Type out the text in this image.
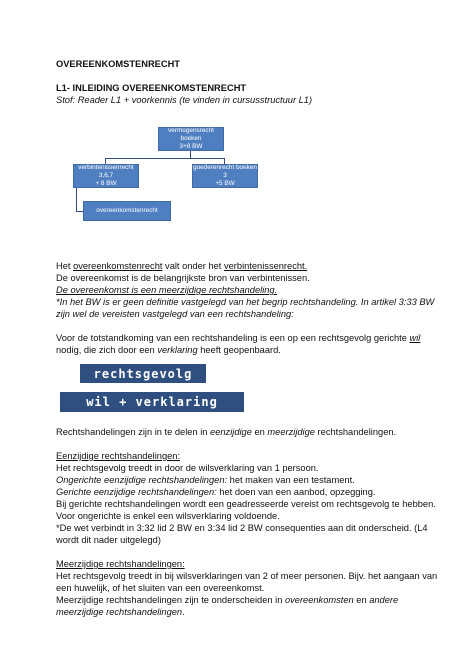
OVEREENKOMSTENRECHT
L1- INLEIDING OVEREENKOMSTENRECHT
Stof: Reader L1 + voorkennis (te vinden in cursusstructuur L1)
vermogensrecht boeken
3+8 BW
verbintenissenrecht 3,6,7
+ 8 BW
goederenrecht boeken 3
+5 BW
overeenkomstenrecht
Het overeenkomstenrecht valt onder het verbintenissenrecht.
De overeenkomst is de belangrijkste bron van verbintenissen.
De overeenkomst is een meerzijdige rechtshandeling.
*In het BW is er geen definitie vastgelegd van het begrip rechtshandeling. In artikel 3:33 BW
zijn wel de vereisten vastgelegd van een rechtshandeling:
Voor de totstandkoming van een rechtshandeling is een op een rechtsgevolg gerichte wil
nodig, die zich door een verklaring heeft geopenbaard.
rechtsgevolg
wil + verklaring
Rechtshandelingen zijn in te delen in eenzijdige en meerzijdige rechtshandelingen.
Eenzijdige rechtshandelingen:
Het rechtsgevolg treedt in door de wilsverklaring van 1 persoon.
Ongerichte eenzijdige rechtshandelingen: het maken van een testament.
Gerichte eenzijdige rechtshandelingen: het doen van een aanbod, opzegging.
Bij gerichte rechtshandelingen wordt een geadresseerde vereist om rechtsgevolg te hebben.
Voor ongerichte is enkel een wilsverklaring voldoende.
*De wet verbindt in 3:32 lid 2 BW en 3:34 lid 2 BW consequenties aan dit onderscheid. (L4
wordt dit nader uitgelegd)
Meerzijdige rechtshandelingen:
Het rechtsgevolg treedt in bij wilsverklaringen van 2 of meer personen. Bijv. het aangaan van
een huwelijk, of het sluiten van een overeenkomst.
Meerzijdige rechtshandelingen zijn te onderscheiden in overeenkomsten en andere
meerzijdige rechtshandelingen.
